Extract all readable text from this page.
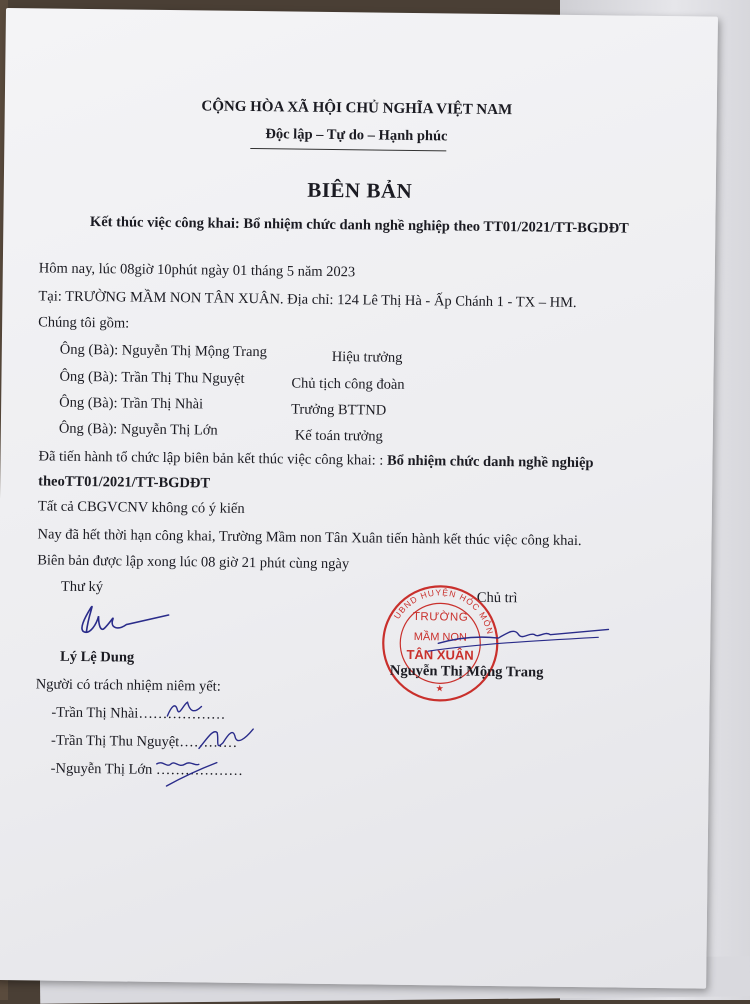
CỘNG HÒA XÃ HỘI CHỦ NGHĨA VIỆT NAM
Độc lập – Tự do – Hạnh phúc
BIÊN BẢN
Kết thúc việc công khai: Bổ nhiệm chức danh nghề nghiệp theo TT01/2021/TT-BGDĐT
Hôm nay, lúc 08giờ 10phút ngày 01 tháng 5 năm 2023
Tại: TRƯỜNG MẦM NON TÂN XUÂN. Địa chỉ: 124 Lê Thị Hà - Ấp Chánh 1 - TX – HM.
Chúng tôi gồm:
Ông (Bà): Nguyễn Thị Mộng Trang	Hiệu trưởng
Ông (Bà): Trần Thị Thu Nguyệt	Chủ tịch công đoàn
Ông (Bà): Trần Thị Nhài	Trưởng BTTND
Ông (Bà): Nguyễn Thị Lớn	Kế toán trưởng
Đã tiến hành tổ chức lập biên bản kết thúc việc công khai: : Bổ nhiệm chức danh nghề nghiệp
theoTT01/2021/TT-BGDĐT
Tất cả CBGVCNV không có ý kiến
Nay đã hết thời hạn công khai, Trường Mầm non Tân Xuân tiến hành kết thúc việc công khai.
Biên bản được lập xong lúc 08 giờ 21 phút cùng ngày
Thư ký
Chủ trì
Lý Lệ Dung
UBND HUYỆN HÓC MÔN
★
TRƯỜNG
MẦM NON
TÂN XUÂN
Nguyễn Thị Mộng Trang
Người có trách nhiệm niêm yết:
-Trần Thị Nhài………………
-Trần Thị Thu Nguyệt…………
-Nguyễn Thị Lớn ………………
